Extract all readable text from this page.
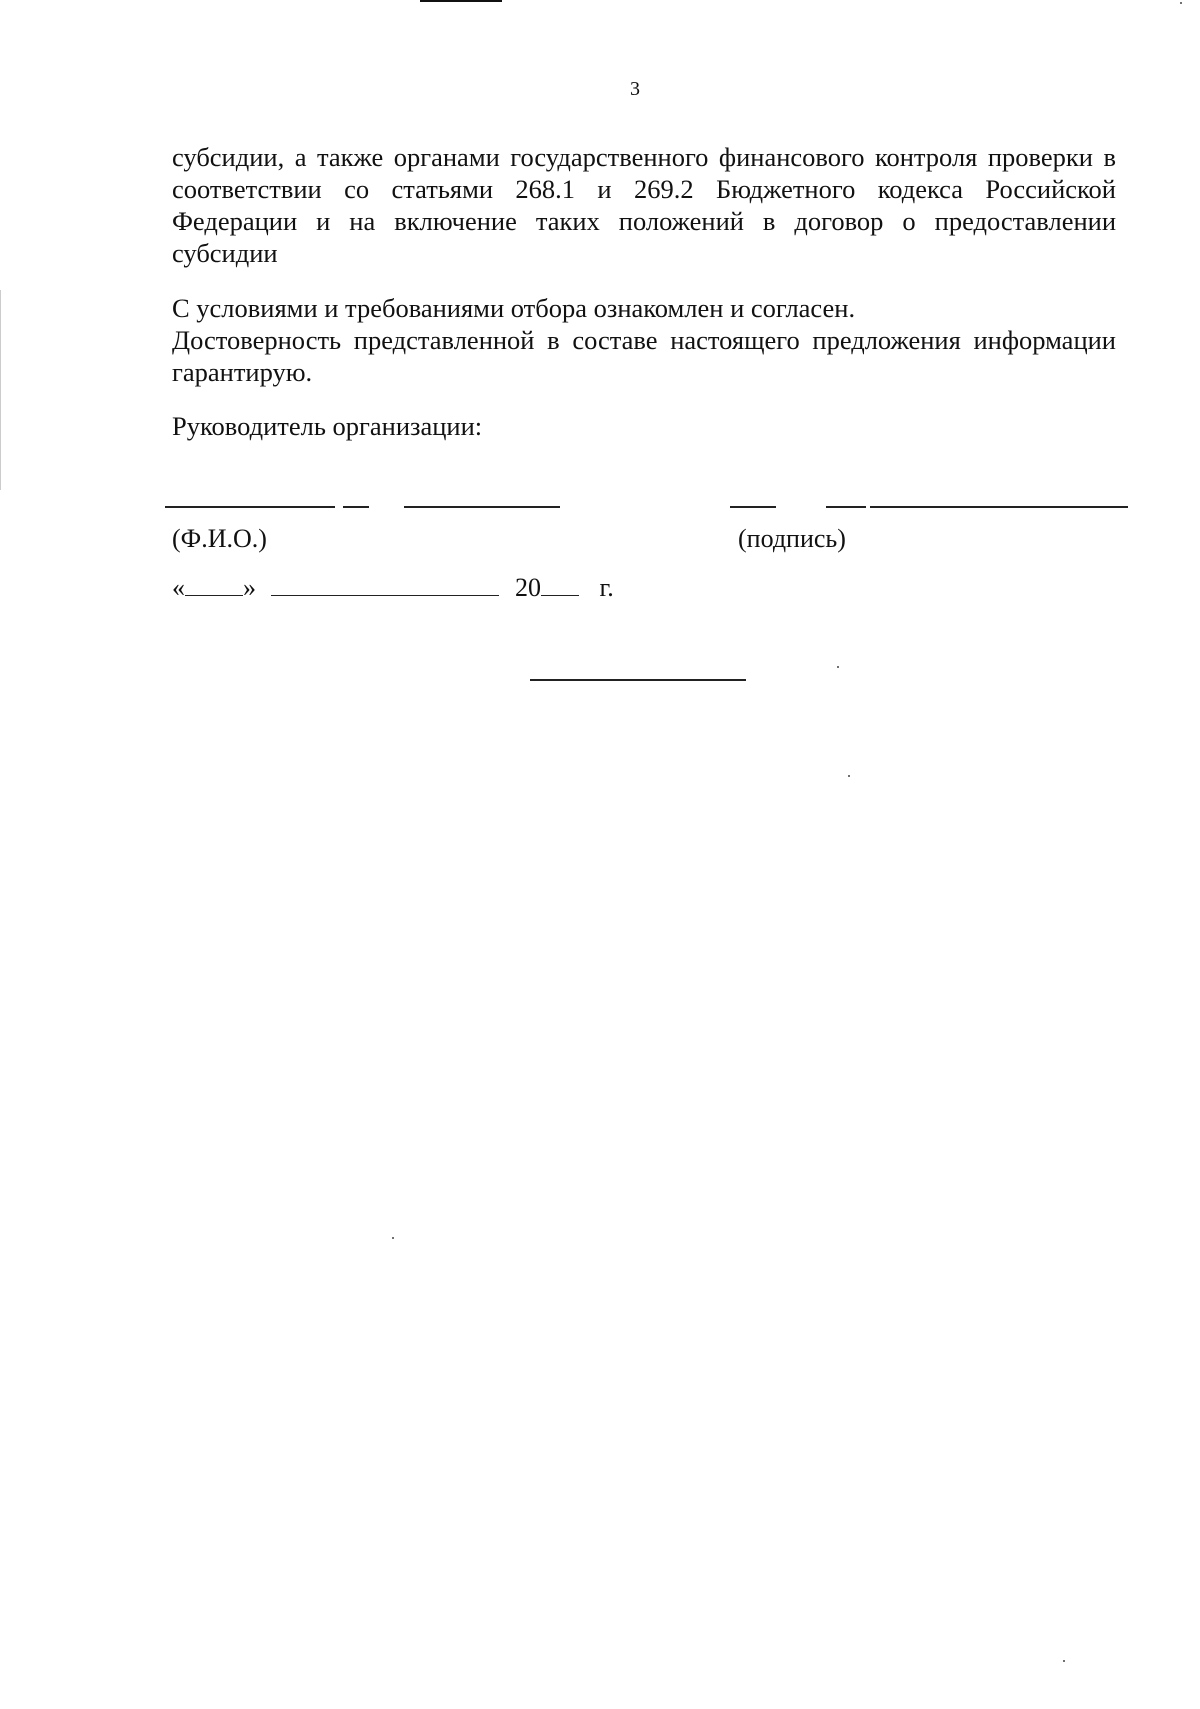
3
субсидии, а также органами государственного финансового контроля проверки в соответствии со статьями 268.1 и 269.2 Бюджетного кодекса Российской Федерации и на включение таких положений в договор о предоставлении субсидии
С условиями и требованиями отбора ознакомлен и согласен.
Достоверность представленной в составе настоящего предложения информации гарантирую.
Руководитель организации:
(Ф.И.О.)	(подпись)
« »	20 г.
